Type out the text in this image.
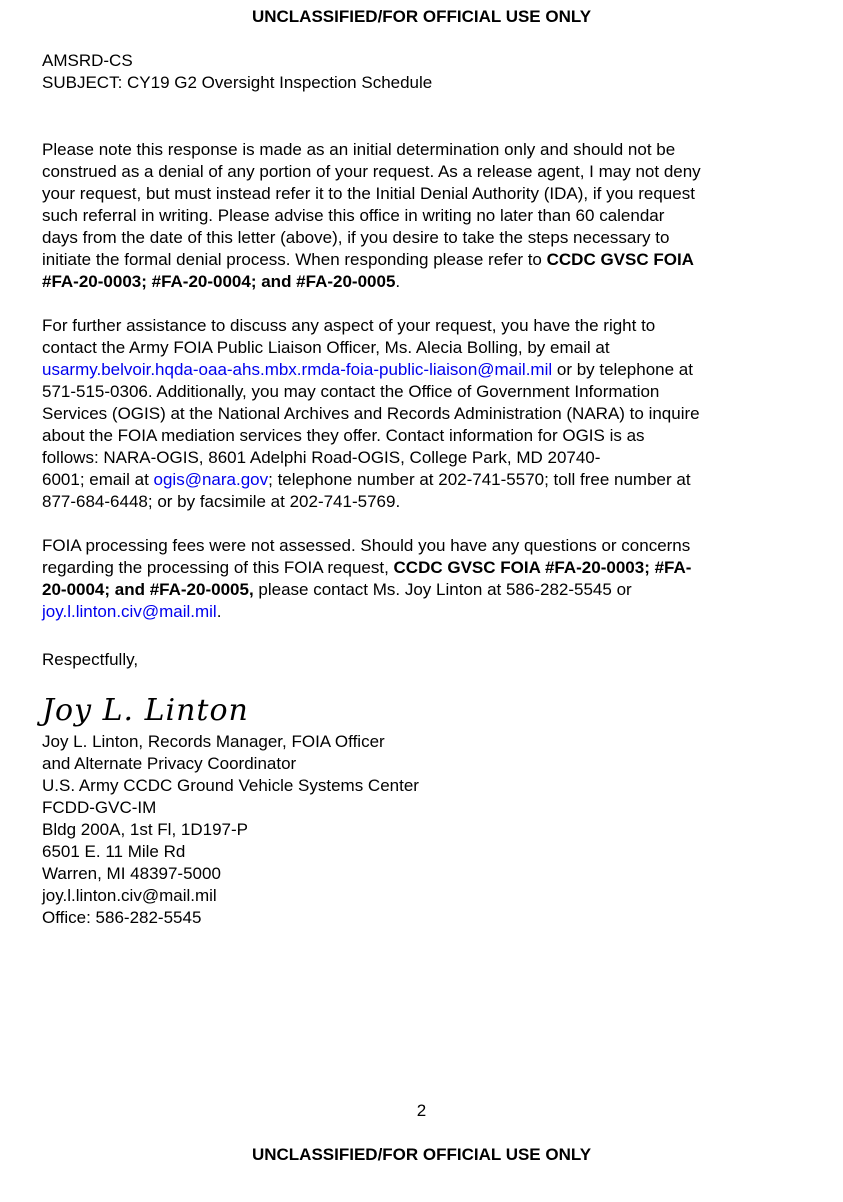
UNCLASSIFIED/FOR OFFICIAL USE ONLY
AMSRD-CS
SUBJECT: CY19 G2 Oversight Inspection Schedule
Please note this response is made as an initial determination only and should not be
construed as a denial of any portion of your request. As a release agent, I may not deny
your request, but must instead refer it to the Initial Denial Authority (IDA), if you request
such referral in writing. Please advise this office in writing no later than 60 calendar
days from the date of this letter (above), if you desire to take the steps necessary to
initiate the formal denial process. When responding please refer to CCDC GVSC FOIA
#FA-20-0003; #FA-20-0004; and #FA-20-0005.
For further assistance to discuss any aspect of your request, you have the right to
contact the Army FOIA Public Liaison Officer, Ms. Alecia Bolling, by email at
usarmy.belvoir.hqda-oaa-ahs.mbx.rmda-foia-public-liaison@mail.mil or by telephone at
571-515-0306. Additionally, you may contact the Office of Government Information
Services (OGIS) at the National Archives and Records Administration (NARA) to inquire
about the FOIA mediation services they offer. Contact information for OGIS is as
follows: NARA-OGIS, 8601 Adelphi Road-OGIS, College Park, MD 20740-
6001; email at ogis@nara.gov; telephone number at 202-741-5570; toll free number at
877-684-6448; or by facsimile at 202-741-5769.
FOIA processing fees were not assessed. Should you have any questions or concerns
regarding the processing of this FOIA request, CCDC GVSC FOIA #FA-20-0003; #FA-
20-0004; and #FA-20-0005, please contact Ms. Joy Linton at 586-282-5545 or
joy.l.linton.civ@mail.mil.
Respectfully,
Joy L. Linton
Joy L. Linton, Records Manager, FOIA Officer
and Alternate Privacy Coordinator
U.S. Army CCDC Ground Vehicle Systems Center
FCDD-GVC-IM
Bldg 200A, 1st Fl, 1D197-P
6501 E. 11 Mile Rd
Warren, MI 48397-5000
joy.l.linton.civ@mail.mil
Office: 586-282-5545
2
UNCLASSIFIED/FOR OFFICIAL USE ONLY
